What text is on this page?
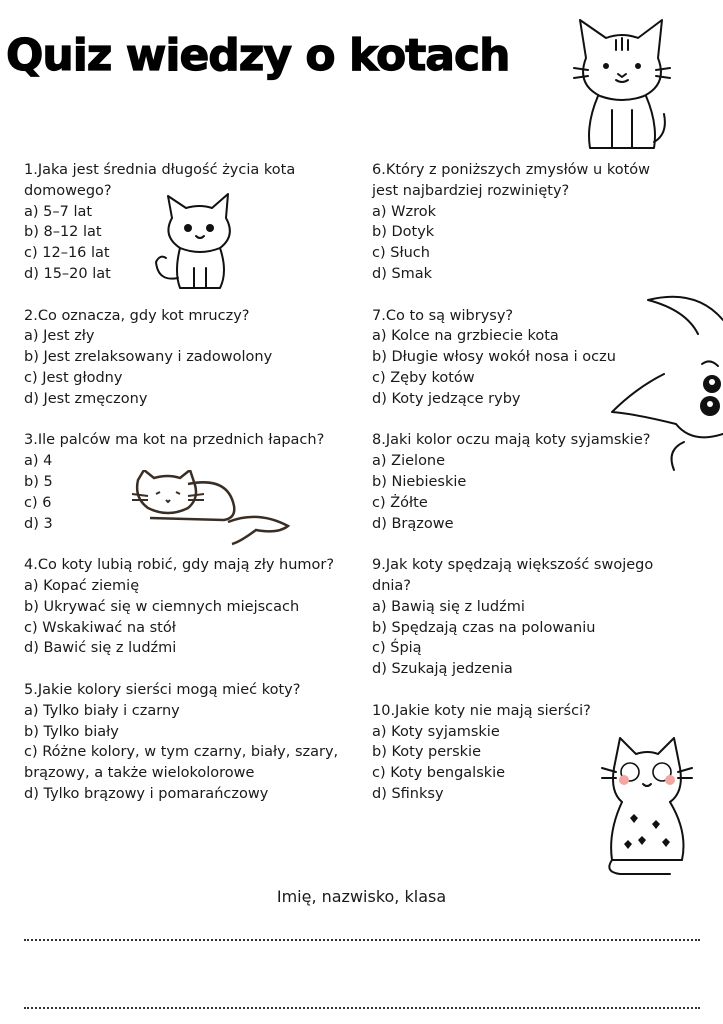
Quiz wiedzy o kotach

1.Jaka jest średnia długość życia kota domowego?

a) 5–7 lat

b) 8–12 lat

c) 12–16 lat

d) 15–20 lat

2.Co oznacza, gdy kot mruczy?

a) Jest zły

b) Jest zrelaksowany i zadowolony

c) Jest głodny

d) Jest zmęczony

3.Ile palców ma kot na przednich łapach?

a) 4

b) 5

c) 6

d) 3

4.Co koty lubią robić, gdy mają zły humor?

a) Kopać ziemię

b) Ukrywać się w ciemnych miejscach

c) Wskakiwać na stół

d) Bawić się z ludźmi

5.Jakie kolory sierści mogą mieć koty?

a) Tylko biały i czarny

b) Tylko biały

c) Różne kolory, w tym czarny, biały, szary, brązowy, a także wielokolorowe

d) Tylko brązowy i pomarańczowy

6.Który z poniższych zmysłów u kotów jest najbardziej rozwinięty?

a) Wzrok

b) Dotyk

c) Słuch

d) Smak

7.Co to są wibrysy?

a) Kolce na grzbiecie kota

b) Długie włosy wokół nosa i oczu

c) Zęby kotów

d) Koty jedzące ryby

8.Jaki kolor oczu mają koty syjamskie?

a) Zielone

b) Niebieskie

c) Żółte

d) Brązowe

9.Jak koty spędzają większość swojego dnia?

a) Bawią się z ludźmi

b) Spędzają czas na polowaniu

c) Śpią

d) Szukają jedzenia

10.Jakie koty nie mają sierści?

a) Koty syjamskie

b) Koty perskie

c) Koty bengalskie

d) Sfinksy

Imię, nazwisko, klasa
